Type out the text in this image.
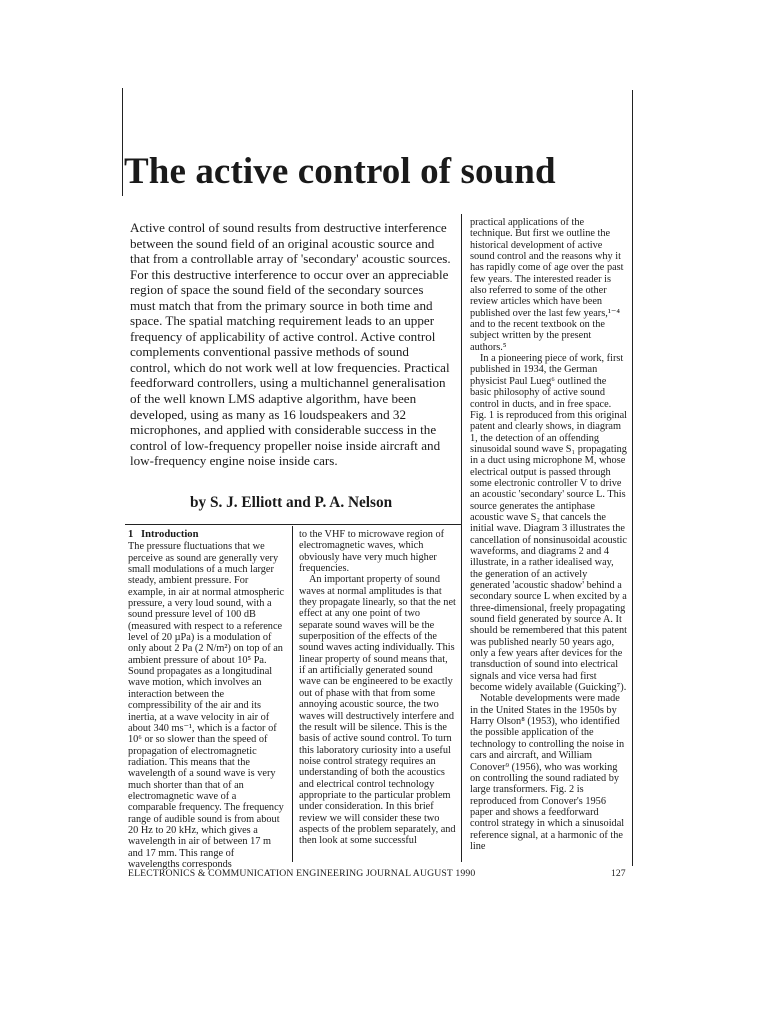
The active control of sound
Active control of sound results from destructive interference between the sound field of an original acoustic source and that from a controllable array of 'secondary' acoustic sources. For this destructive interference to occur over an appreciable region of space the sound field of the secondary sources must match that from the primary source in both time and space. The spatial matching requirement leads to an upper frequency of applicability of active control. Active control complements conventional passive methods of sound control, which do not work well at low frequencies. Practical feedforward controllers, using a multichannel generalisation of the well known LMS adaptive algorithm, have been developed, using as many as 16 loudspeakers and 32 microphones, and applied with considerable success in the control of low-frequency propeller noise inside aircraft and low-frequency engine noise inside cars.
by S. J. Elliott and P. A. Nelson
1 Introduction

The pressure fluctuations that we perceive as sound are generally very small modulations of a much larger steady, ambient pressure. For example, in air at normal atmospheric pressure, a very loud sound, with a sound pressure level of 100 dB (measured with respect to a reference level of 20 µPa) is a modulation of only about 2 Pa (2 N/m²) on top of an ambient pressure of about 10⁵ Pa. Sound propagates as a longitudinal wave motion, which involves an interaction between the compressibility of the air and its inertia, at a wave velocity in air of about 340 ms⁻¹, which is a factor of 10⁶ or so slower than the speed of propagation of electromagnetic radiation. This means that the wavelength of a sound wave is very much shorter than that of an electromagnetic wave of a comparable frequency. The frequency range of audible sound is from about 20 Hz to 20 kHz, which gives a wavelength in air of between 17 m and 17 mm. This range of wavelengths corresponds

to the VHF to microwave region of electromagnetic waves, which obviously have very much higher frequencies.

An important property of sound waves at normal amplitudes is that they propagate linearly, so that the net effect at any one point of two separate sound waves will be the superposition of the effects of the sound waves acting individually. This linear property of sound means that, if an artificially generated sound wave can be engineered to be exactly out of phase with that from some annoying acoustic source, the two waves will destructively interfere and the result will be silence. This is the basis of active sound control. To turn this laboratory curiosity into a useful noise control strategy requires an understanding of both the acoustics and electrical control technology appropriate to the particular problem under consideration. In this brief review we will consider these two aspects of the problem separately, and then look at some successful

practical applications of the technique. But first we outline the historical development of active sound control and the reasons why it has rapidly come of age over the past few years. The interested reader is also referred to some of the other review articles which have been published over the last few years,¹⁻⁴ and to the recent textbook on the subject written by the present authors.⁵

In a pioneering piece of work, first published in 1934, the German physicist Paul Lueg⁶ outlined the basic philosophy of active sound control in ducts, and in free space. Fig. 1 is reproduced from this original patent and clearly shows, in diagram 1, the detection of an offending sinusoidal sound wave S₁ propagating in a duct using microphone M, whose electrical output is passed through some electronic controller V to drive an acoustic 'secondary' source L. This source generates the antiphase acoustic wave S₂ that cancels the initial wave. Diagram 3 illustrates the cancellation of nonsinusoidal acoustic waveforms, and diagrams 2 and 4 illustrate, in a rather idealised way, the generation of an actively generated 'acoustic shadow' behind a secondary source L when excited by a three-dimensional, freely propagating sound field generated by source A. It should be remembered that this patent was published nearly 50 years ago, only a few years after devices for the transduction of sound into electrical signals and vice versa had first become widely available (Guicking⁷).

Notable developments were made in the United States in the 1950s by Harry Olson⁸ (1953), who identified the possible application of the technology to controlling the noise in cars and aircraft, and William Conover⁹ (1956), who was working on controlling the sound radiated by large transformers. Fig. 2 is reproduced from Conover's 1956 paper and shows a feedforward control strategy in which a sinusoidal reference signal, at a harmonic of the line

ELECTRONICS & COMMUNICATION ENGINEERING JOURNAL AUGUST 1990	127
